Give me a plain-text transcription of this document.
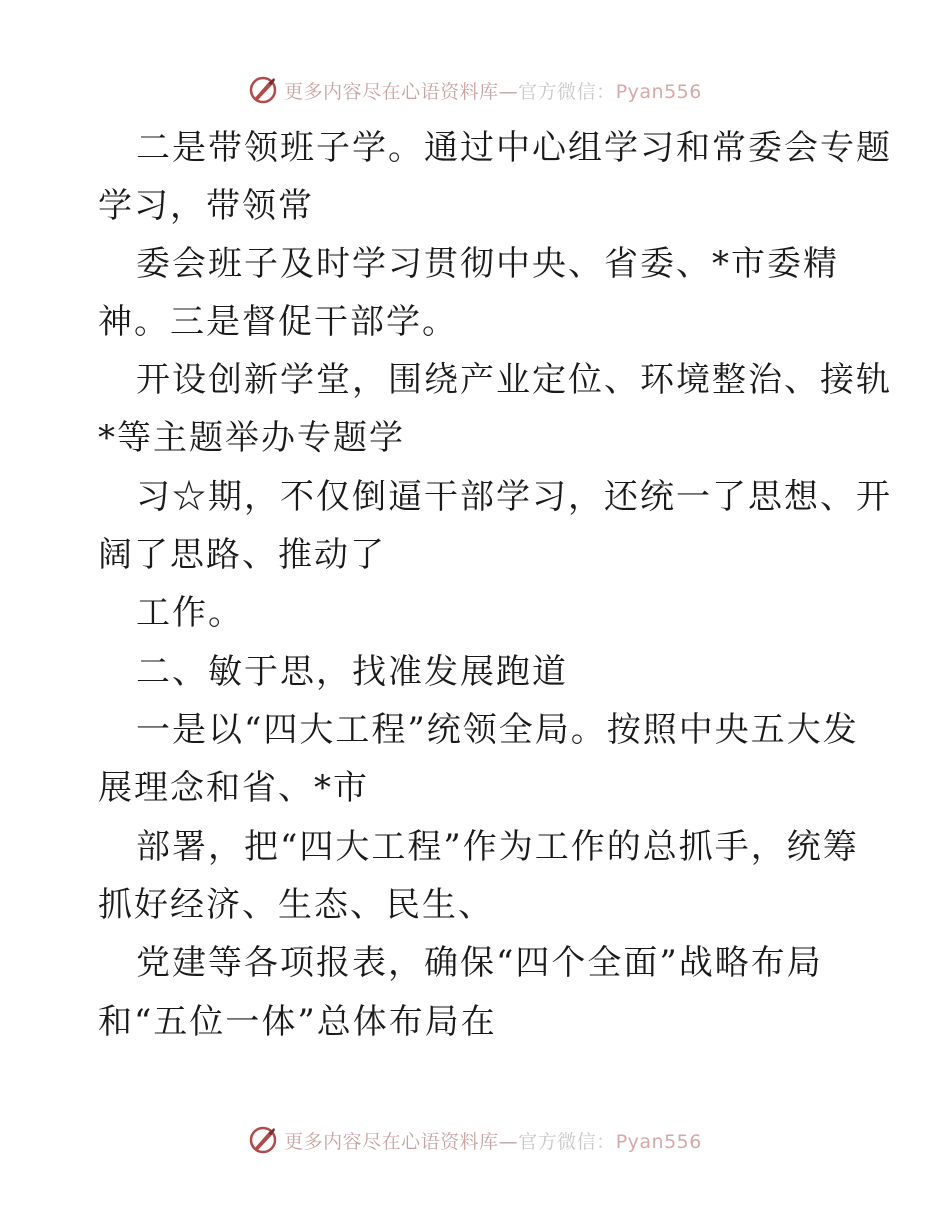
更多内容尽在心语资料库—官方微信：Pyan556
二是带领班子学。通过中心组学习和常委会专题
学习，带领常
委会班子及时学习贯彻中央、省委、*市委精
神。三是督促干部学。
开设创新学堂，围绕产业定位、环境整治、接轨
*等主题举办专题学
习☆期，不仅倒逼干部学习，还统一了思想、开
阔了思路、推动了
工作。
二、敏于思，找准发展跑道
一是以“四大工程”统领全局。按照中央五大发
展理念和省、*市
部署，把“四大工程”作为工作的总抓手，统筹
抓好经济、生态、民生、
党建等各项报表，确保“四个全面”战略布局
和“五位一体”总体布局在
更多内容尽在心语资料库—官方微信：Pyan556
